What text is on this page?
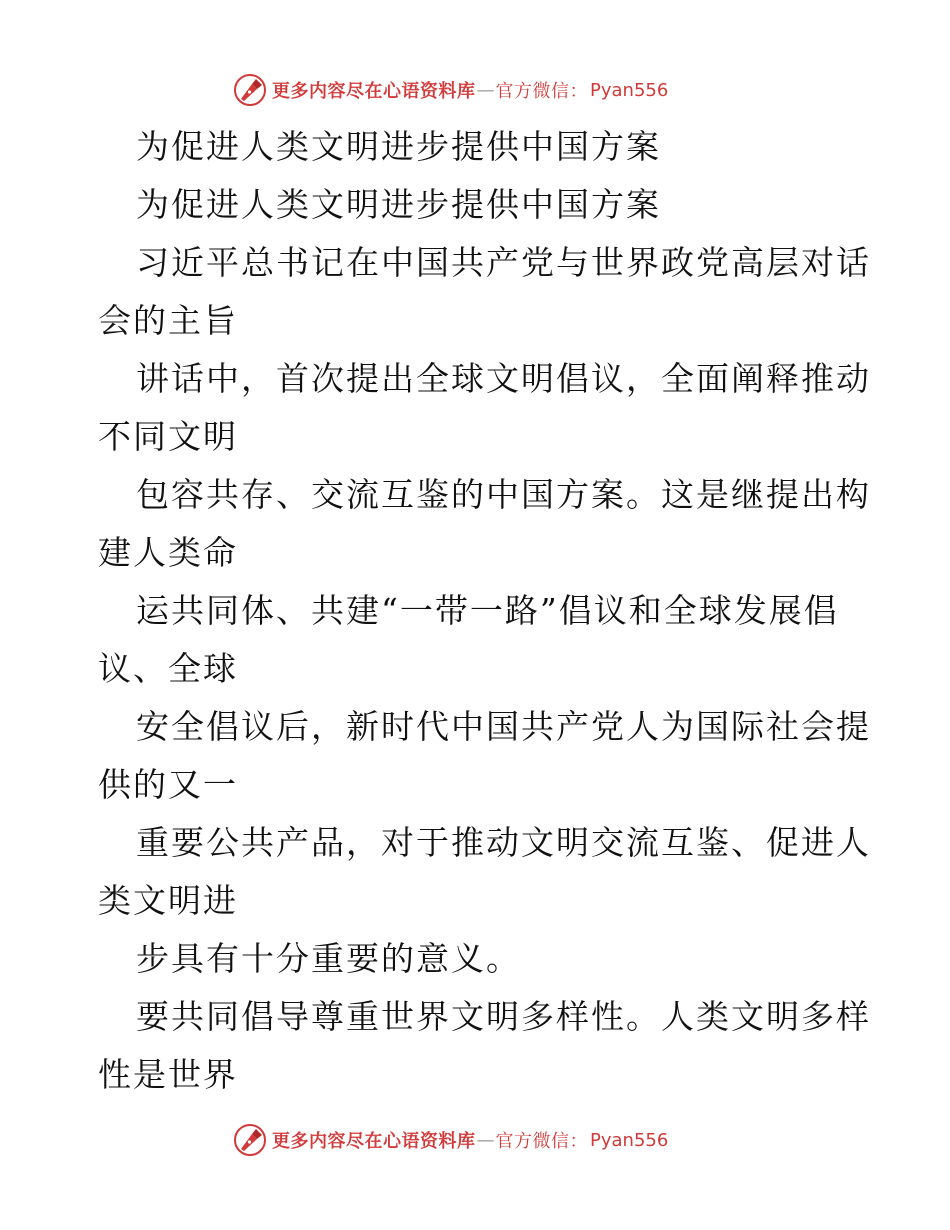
更多内容尽在心语资料库 — 官方微信： Pyan556

为促进人类文明进步提供中国方案

为促进人类文明进步提供中国方案

习近平总书记在中国共产党与世界政党高层对话

会的主旨

讲话中，首次提出全球文明倡议，全面阐释推动

不同文明

包容共存、交流互鉴的中国方案。这是继提出构

建人类命

运共同体、共建“一带一路”倡议和全球发展倡

议、全球

安全倡议后，新时代中国共产党人为国际社会提

供的又一

重要公共产品，对于推动文明交流互鉴、促进人

类文明进

步具有十分重要的意义。

要共同倡导尊重世界文明多样性。人类文明多样

性是世界

更多内容尽在心语资料库 — 官方微信： Pyan556
